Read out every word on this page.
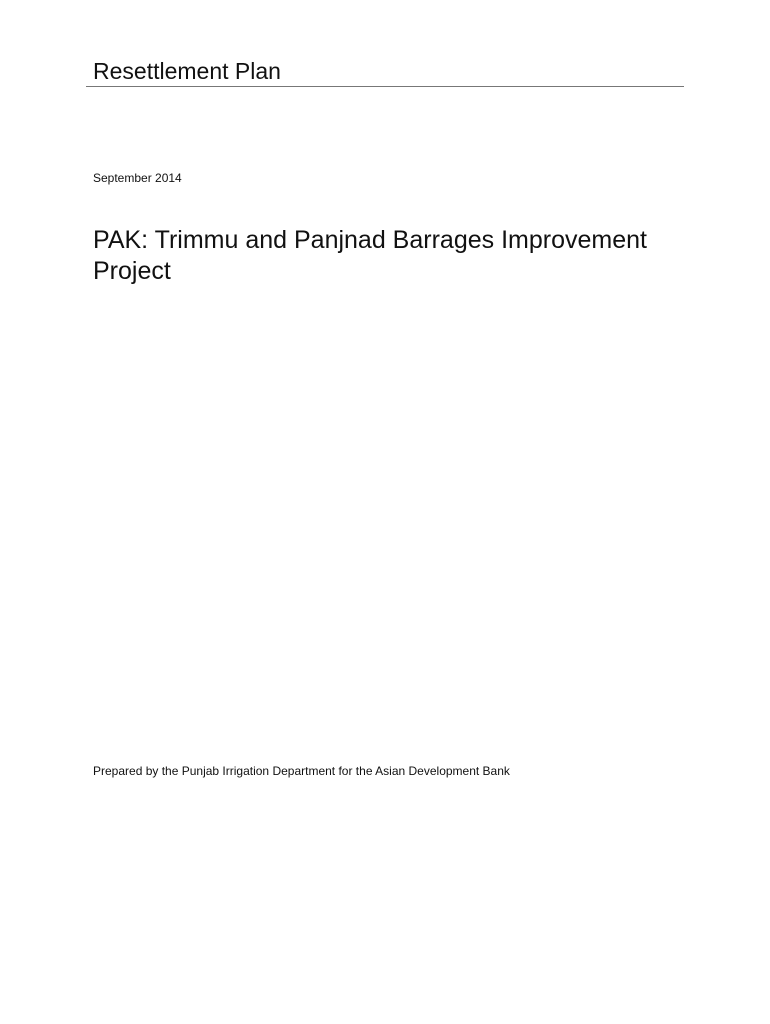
Resettlement Plan
September 2014
PAK: Trimmu and Panjnad Barrages Improvement Project
Prepared by the Punjab Irrigation Department for the Asian Development Bank
